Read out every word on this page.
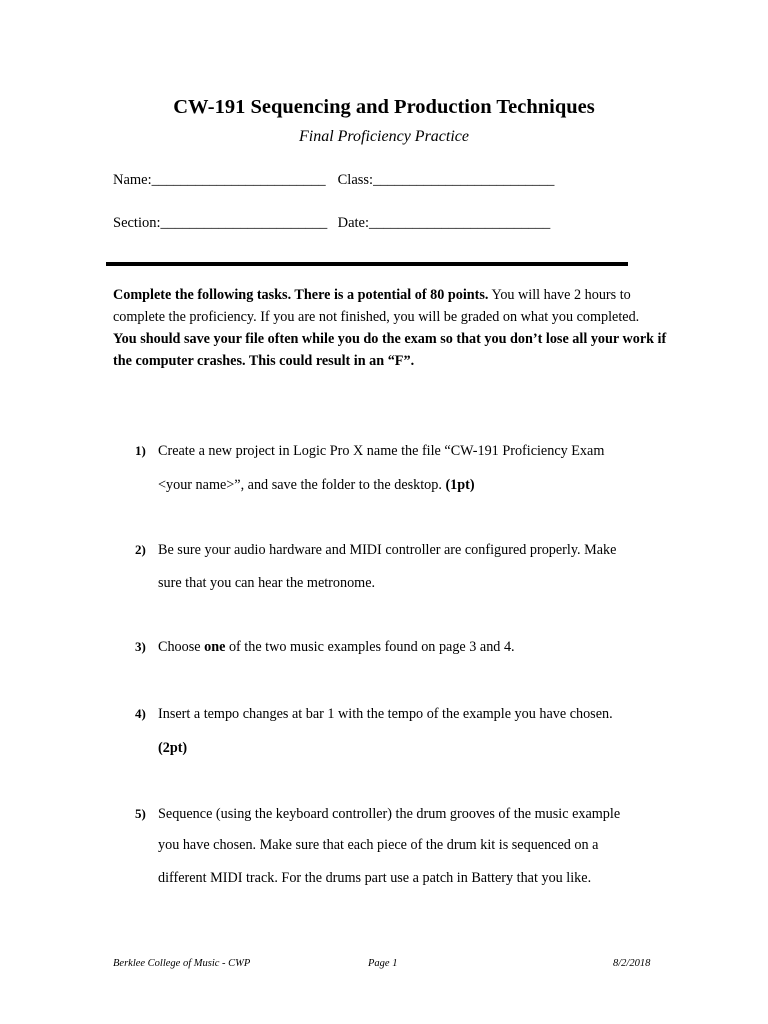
CW-191 Sequencing and Production Techniques
Final Proficiency Practice
Name:________________________ Class:_________________________
Section:_______________________ Date:_________________________
Complete the following tasks. There is a potential of 80 points. You will have 2 hours to complete the proficiency. If you are not finished, you will be graded on what you completed.
You should save your file often while you do the exam so that you don’t lose all your work if the computer crashes. This could result in an “F”.
1) Create a new project in Logic Pro X name the file “CW-191 Proficiency Exam
<your name>”, and save the folder to the desktop. (1pt)
2) Be sure your audio hardware and MIDI controller are configured properly. Make
sure that you can hear the metronome.
3) Choose one of the two music examples found on page 3 and 4.
4) Insert a tempo changes at bar 1 with the tempo of the example you have chosen.
(2pt)
5) Sequence (using the keyboard controller) the drum grooves of the music example
you have chosen. Make sure that each piece of the drum kit is sequenced on a
different MIDI track. For the drums part use a patch in Battery that you like.
Berklee College of Music - CWP	Page 1	8/2/2018
